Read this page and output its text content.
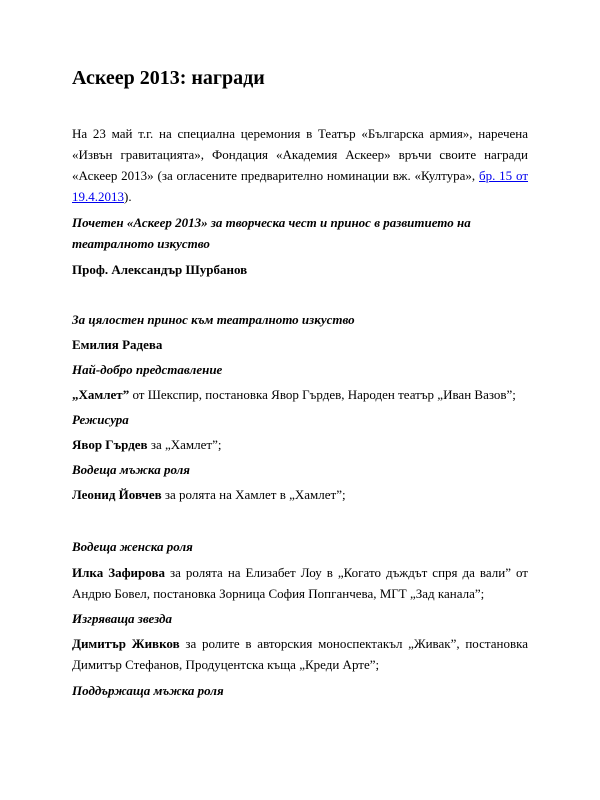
Аскеер 2013: награди

На 23 май т.г. на специална церемония в Театър «Българска армия», наречена «Извън гравитацията», Фондация «Академия Аскеер» връчи своите награди «Аскеер 2013» (за огласените предварително номинации вж. «Култура», бр. 15 от 19.4.2013).

Почетен «Аскеер 2013» за творческа чест и принос в развитието на театралното изкуство

Проф. Александър Шурбанов

За цялостен принос към театралното изкуство

Емилия Радева

Най-добро представление

„Хамлет” от Шекспир, постановка Явор Гърдев, Народен театър „Иван Вазов”;

Режисура

Явор Гърдев за „Хамлет”;

Водеща мъжка роля

Леонид Йовчев за ролята на Хамлет в „Хамлет”;

Водеща женска роля

Илка Зафирова за ролята на Елизабет Лоу в „Когато дъждът спря да вали” от Андрю Бовел, постановка Зорница София Попганчева, МГТ „Зад канала”;

Изгряваща звезда

Димитър Живков за ролите в авторския моноспектакъл „Живак”, постановка Димитър Стефанов, Продуцентска къща „Креди Арте”;

Поддържаща мъжка роля
